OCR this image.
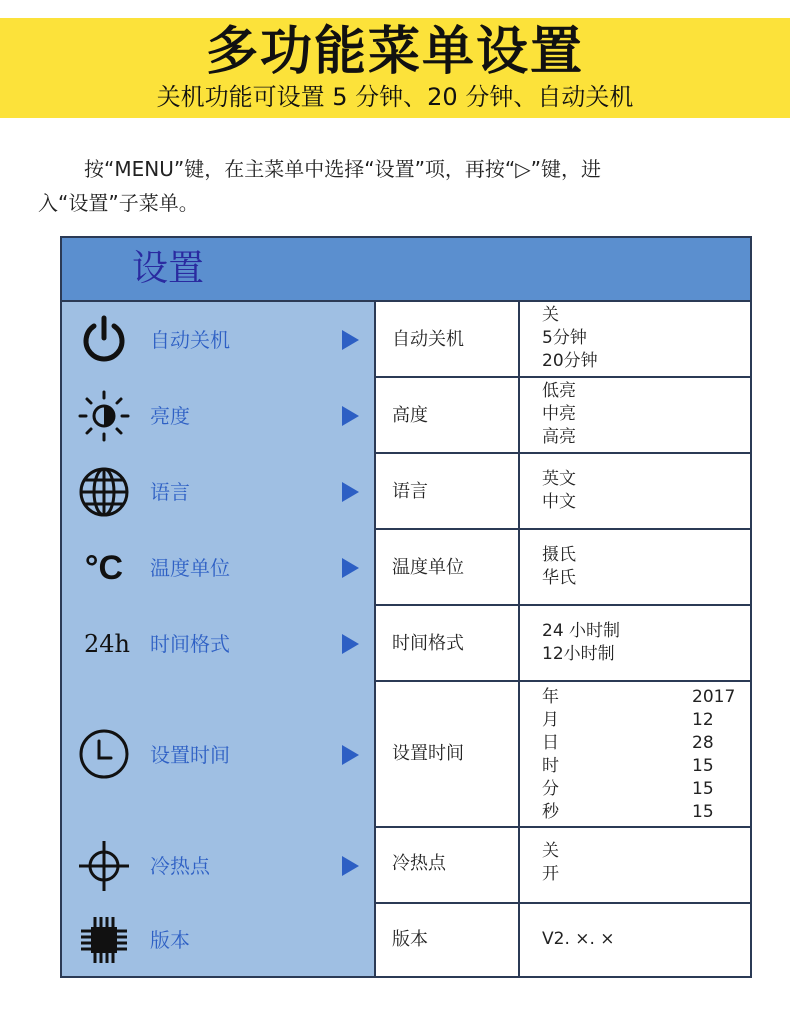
多功能菜单设置
关机功能可设置 5 分钟、20 分钟、自动关机
按“MENU”键，在主菜单中选择“设置”项，再按“▷”键，进
入“设置”子菜单。
设置
自动关机
亮度
语言
°C	温度单位
24h 时间格式
设置时间
冷热点
版本
自动关机
关
5分钟
20分钟
高度
低亮
中亮
高亮
语言
英文
中文
温度单位
摄氏
华氏
时间格式
24 小时制
12小时制
设置时间
年
月
日
时
分
秒
2017
12
28
15
15
15
冷热点
关
开
版本	V2. ×. ×
